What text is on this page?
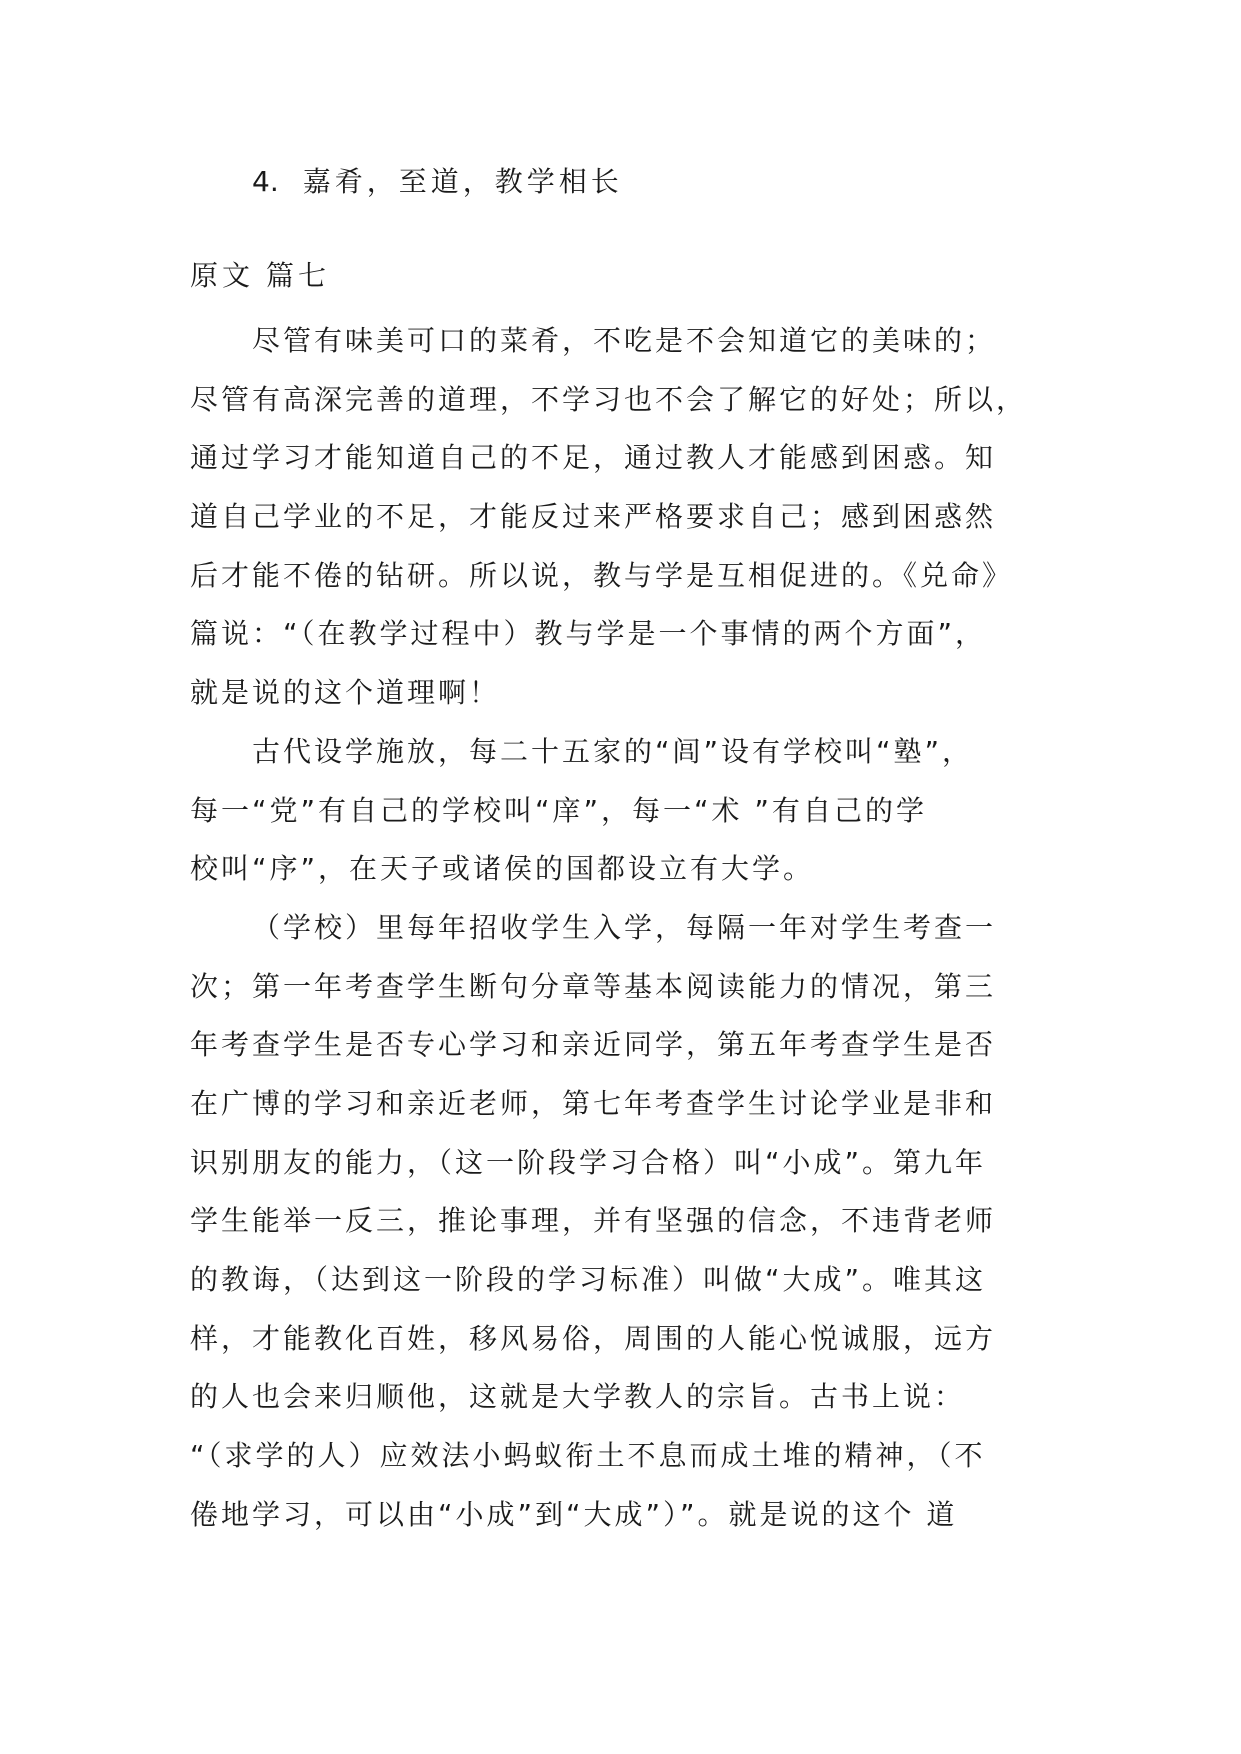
4. 嘉肴，至道，教学相长
原文 篇七
尽管有味美可口的菜肴，不吃是不会知道它的美味的；
尽管有高深完善的道理，不学习也不会了解它的好处；所以，
通过学习才能知道自己的不足，通过教人才能感到困惑。知
道自己学业的不足，才能反过来严格要求自己；感到困惑然
后才能不倦的钻研。所以说，教与学是互相促进的。《兑命》
篇说：“（在教学过程中）教与学是一个事情的两个方面”，
就是说的这个道理啊！
古代设学施放，每二十五家的“闾”设有学校叫“塾”，
每一“党”有自己的学校叫“庠”，每一“术 ”有自己的学
校叫“序”，在天子或诸侯的国都设立有大学。
（学校）里每年招收学生入学，每隔一年对学生考查一
次；第一年考查学生断句分章等基本阅读能力的情况，第三
年考查学生是否专心学习和亲近同学，第五年考查学生是否
在广博的学习和亲近老师，第七年考查学生讨论学业是非和
识别朋友的能力，（这一阶段学习合格）叫“小成”。第九年
学生能举一反三，推论事理，并有坚强的信念，不违背老师
的教诲，（达到这一阶段的学习标准）叫做“大成”。唯其这
样，才能教化百姓，移风易俗，周围的人能心悦诚服，远方
的人也会来归顺他，这就是大学教人的宗旨。古书上说：
“（求学的人）应效法小蚂蚁衔土不息而成土堆的精神，（不
倦地学习，可以由“小成”到“大成”）”。就是说的这个 道
